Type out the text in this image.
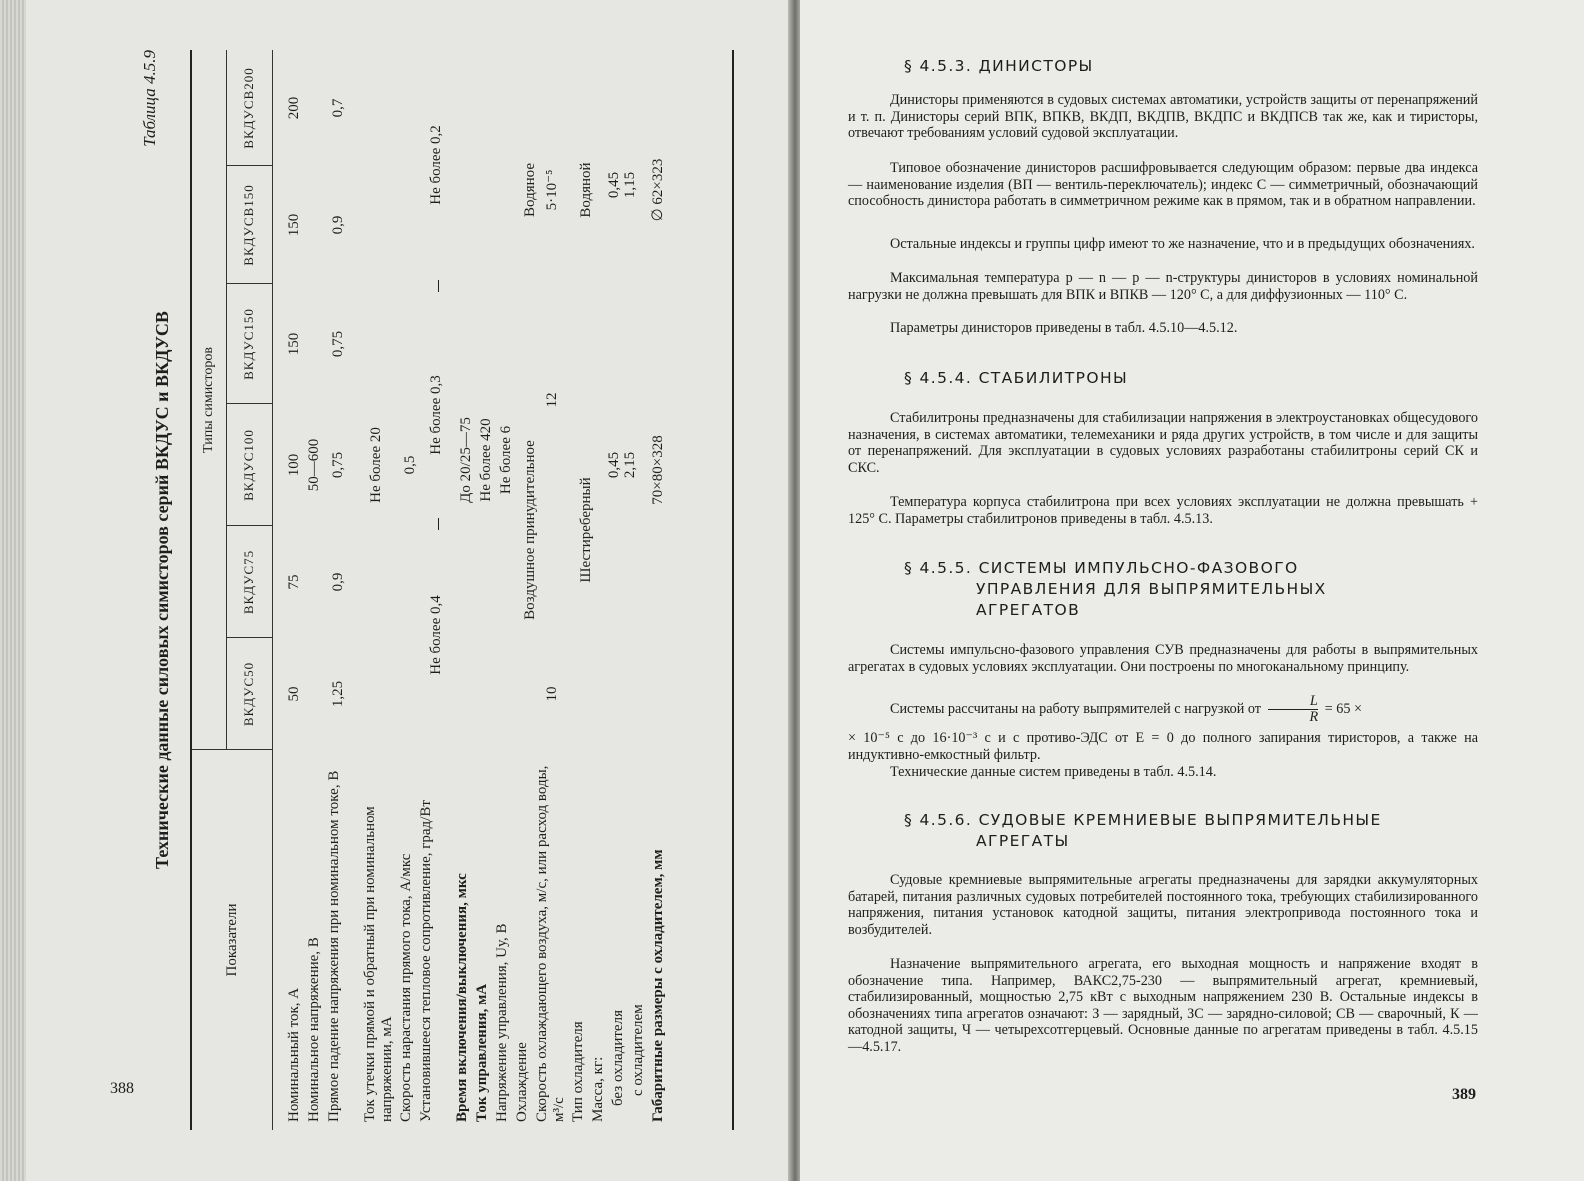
Таблица 4.5.9
Технические данные силовых симисторов серий ВКДУС и ВКДУСВ
Показатели
Типы симисторов
ВКДУС50
ВКДУС75
ВКДУС100
ВКДУС150
ВКДУСВ150
ВКДУСВ200
Номинальный ток, А Номинальное напряжение, В Прямое падение напряжения при номинальном токе, В Ток утечки прямой и обратный при номинальном напряжении, мА Скорость нарастания прямого тока, А/мкс Установившееся тепловое сопротивление, град/Вт Время включения/выключения, мкс Ток управления, мА Напряжение управления, Uу, В Охлаждение Скорость охлаждающего воздуха, м/с, или расход воды, м³/с Тип охладителя Масса, кг: без охладителя с охладителем Габаритные размеры с охладителем, мм
50
75
100
150
150
200
50—600
1,25
0,9
0,75
0,75
0,9
0,7
Не более 20 0,5
Не более 0,4
Не более 0,3
Не более 0,2
До 20/25—75 Не более 420 Не более 6 Воздушное принудительное
Водяное
10
12
5·10⁻⁵
Шестиреберный
Водяной
0,45 2,15
0,45 1,15
70×80×328
∅ 62×323
388
§ 4.5.3. ДИНИСТОРЫ

Динисторы применяются в судовых системах автоматики, устройств защиты от перенапряжений и т. п. Динисторы серий ВПК, ВПКВ, ВКДП, ВКДПВ, ВКДПС и ВКДПСВ так же, как и тиристоры, отвечают требованиям условий судовой эксплуатации.

Типовое обозначение динисторов расшифровывается следующим образом: первые два индекса — наименование изделия (ВП — вентиль-переключатель); индекс С — симметричный, обозначающий способность динистора работать в симметричном режиме как в прямом, так и в обратном направлении.

Остальные индексы и группы цифр имеют то же назначение, что и в предыдущих обозначениях.

Максимальная температура p — n — p — n-структуры динисторов в условиях номинальной нагрузки не должна превышать для ВПК и ВПКВ — 120° С, а для диффузионных — 110° С.

Параметры динисторов приведены в табл. 4.5.10—4.5.12.

§ 4.5.4. СТАБИЛИТРОНЫ

Стабилитроны предназначены для стабилизации напряжения в электроустановках общесудового назначения, в системах автоматики, телемеханики и ряда других устройств, в том числе и для защиты от перенапряжений. Для эксплуатации в судовых условиях разработаны стабилитроны серий СК и СКС.

Температура корпуса стабилитрона при всех условиях эксплуатации не должна превышать + 125° С. Параметры стабилитронов приведены в табл. 4.5.13.

§ 4.5.5. СИСТЕМЫ ИМПУЛЬСНО-ФАЗОВОГО
УПРАВЛЕНИЯ ДЛЯ ВЫПРЯМИТЕЛЬНЫХ
АГРЕГАТОВ

Системы импульсно-фазового управления СУВ предназначены для работы в выпрямительных агрегатах в судовых условиях эксплуатации. Они построены по многоканальному принципу.

Системы рассчитаны на работу выпрямителей с нагрузкой от $\frac{L}{R} = 65$ ×

× 10⁻⁵ с до 16·10⁻³ с и с противо-ЭДС от E = 0 до полного запирания тиристоров, а также на индуктивно-емкостный фильтр.

Технические данные систем приведены в табл. 4.5.14.

§ 4.5.6. СУДОВЫЕ КРЕМНИЕВЫЕ ВЫПРЯМИТЕЛЬНЫЕ
АГРЕГАТЫ

Судовые кремниевые выпрямительные агрегаты предназначены для зарядки аккумуляторных батарей, питания различных судовых потребителей постоянного тока, требующих стабилизированного напряжения, питания установок катодной защиты, питания электропривода постоянного тока и возбудителей.

Назначение выпрямительного агрегата, его выходная мощность и напряжение входят в обозначение типа. Например, ВАКС2,75-230 — выпрямительный агрегат, кремниевый, стабилизированный, мощностью 2,75 кВт с выходным напряжением 230 В. Остальные индексы в обозначениях типа агрегатов означают: З — зарядный, ЗС — зарядно-силовой; СВ — сварочный, К — катодной защиты, Ч — четырехсотгерцевый. Основные данные по агрегатам приведены в табл. 4.5.15—4.5.17.

389
